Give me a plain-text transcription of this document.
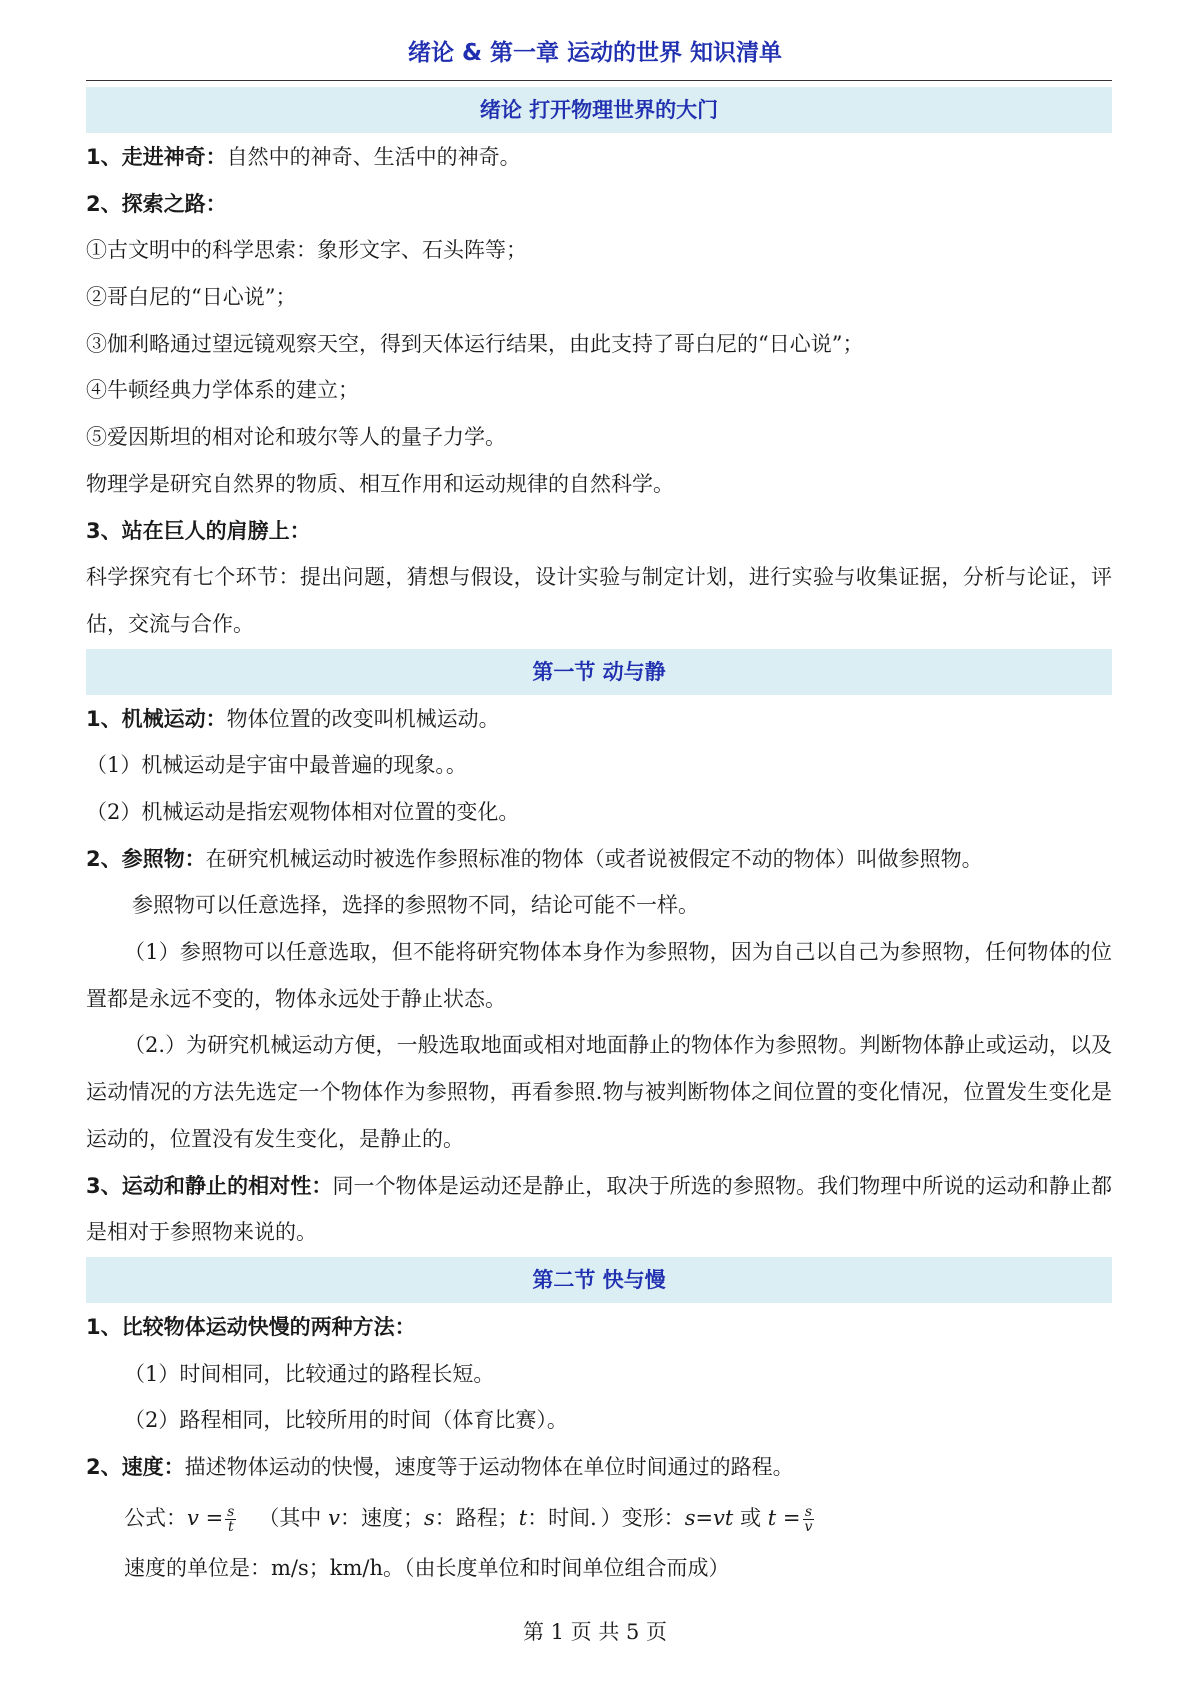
绪论 & 第一章 运动的世界 知识清单
绪论 打开物理世界的大门
1、走进神奇：自然中的神奇、生活中的神奇。
2、探索之路：
①古文明中的科学思索：象形文字、石头阵等；
②哥白尼的“日心说”；
③伽利略通过望远镜观察天空，得到天体运行结果，由此支持了哥白尼的“日心说”；
④牛顿经典力学体系的建立；
⑤爱因斯坦的相对论和玻尔等人的量子力学。
物理学是研究自然界的物质、相互作用和运动规律的自然科学。
3、站在巨人的肩膀上：
科学探究有七个环节：提出问题，猜想与假设，设计实验与制定计划，进行实验与收集证据，分析与论证，评估，交流与合作。
第一节 动与静
1、机械运动：物体位置的改变叫机械运动。
（1）机械运动是宇宙中最普遍的现象。。
（2）机械运动是指宏观物体相对位置的变化。
2、参照物：在研究机械运动时被选作参照标准的物体（或者说被假定不动的物体）叫做参照物。
参照物可以任意选择，选择的参照物不同，结论可能不一样。
（1）参照物可以任意选取，但不能将研究物体本身作为参照物，因为自己以自己为参照物，任何物体的位置都是永远不变的，物体永远处于静止状态。
（2.）为研究机械运动方便，一般选取地面或相对地面静止的物体作为参照物。判断物体静止或运动，以及运动情况的方法先选定一个物体作为参照物，再看参照.物与被判断物体之间位置的变化情况，位置发生变化是运动的，位置没有发生变化，是静止的。
3、运动和静止的相对性：同一个物体是运动还是静止，取决于所选的参照物。我们物理中所说的运动和静止都是相对于参照物来说的。
第二节 快与慢
1、比较物体运动快慢的两种方法：
（1）时间相同，比较通过的路程长短。
（2）路程相同，比较所用的时间（体育比赛）。
2、速度：描述物体运动的快慢，速度等于运动物体在单位时间通过的路程。
公式：$v = \frac{s}{t}$ （其中 v：速度；s：路程；t：时间．）变形：s=vt 或 $t = \frac{s}{v}$
速度的单位是：m/s；km/h。（由长度单位和时间单位组合而成）
第 1 页 共 5 页
